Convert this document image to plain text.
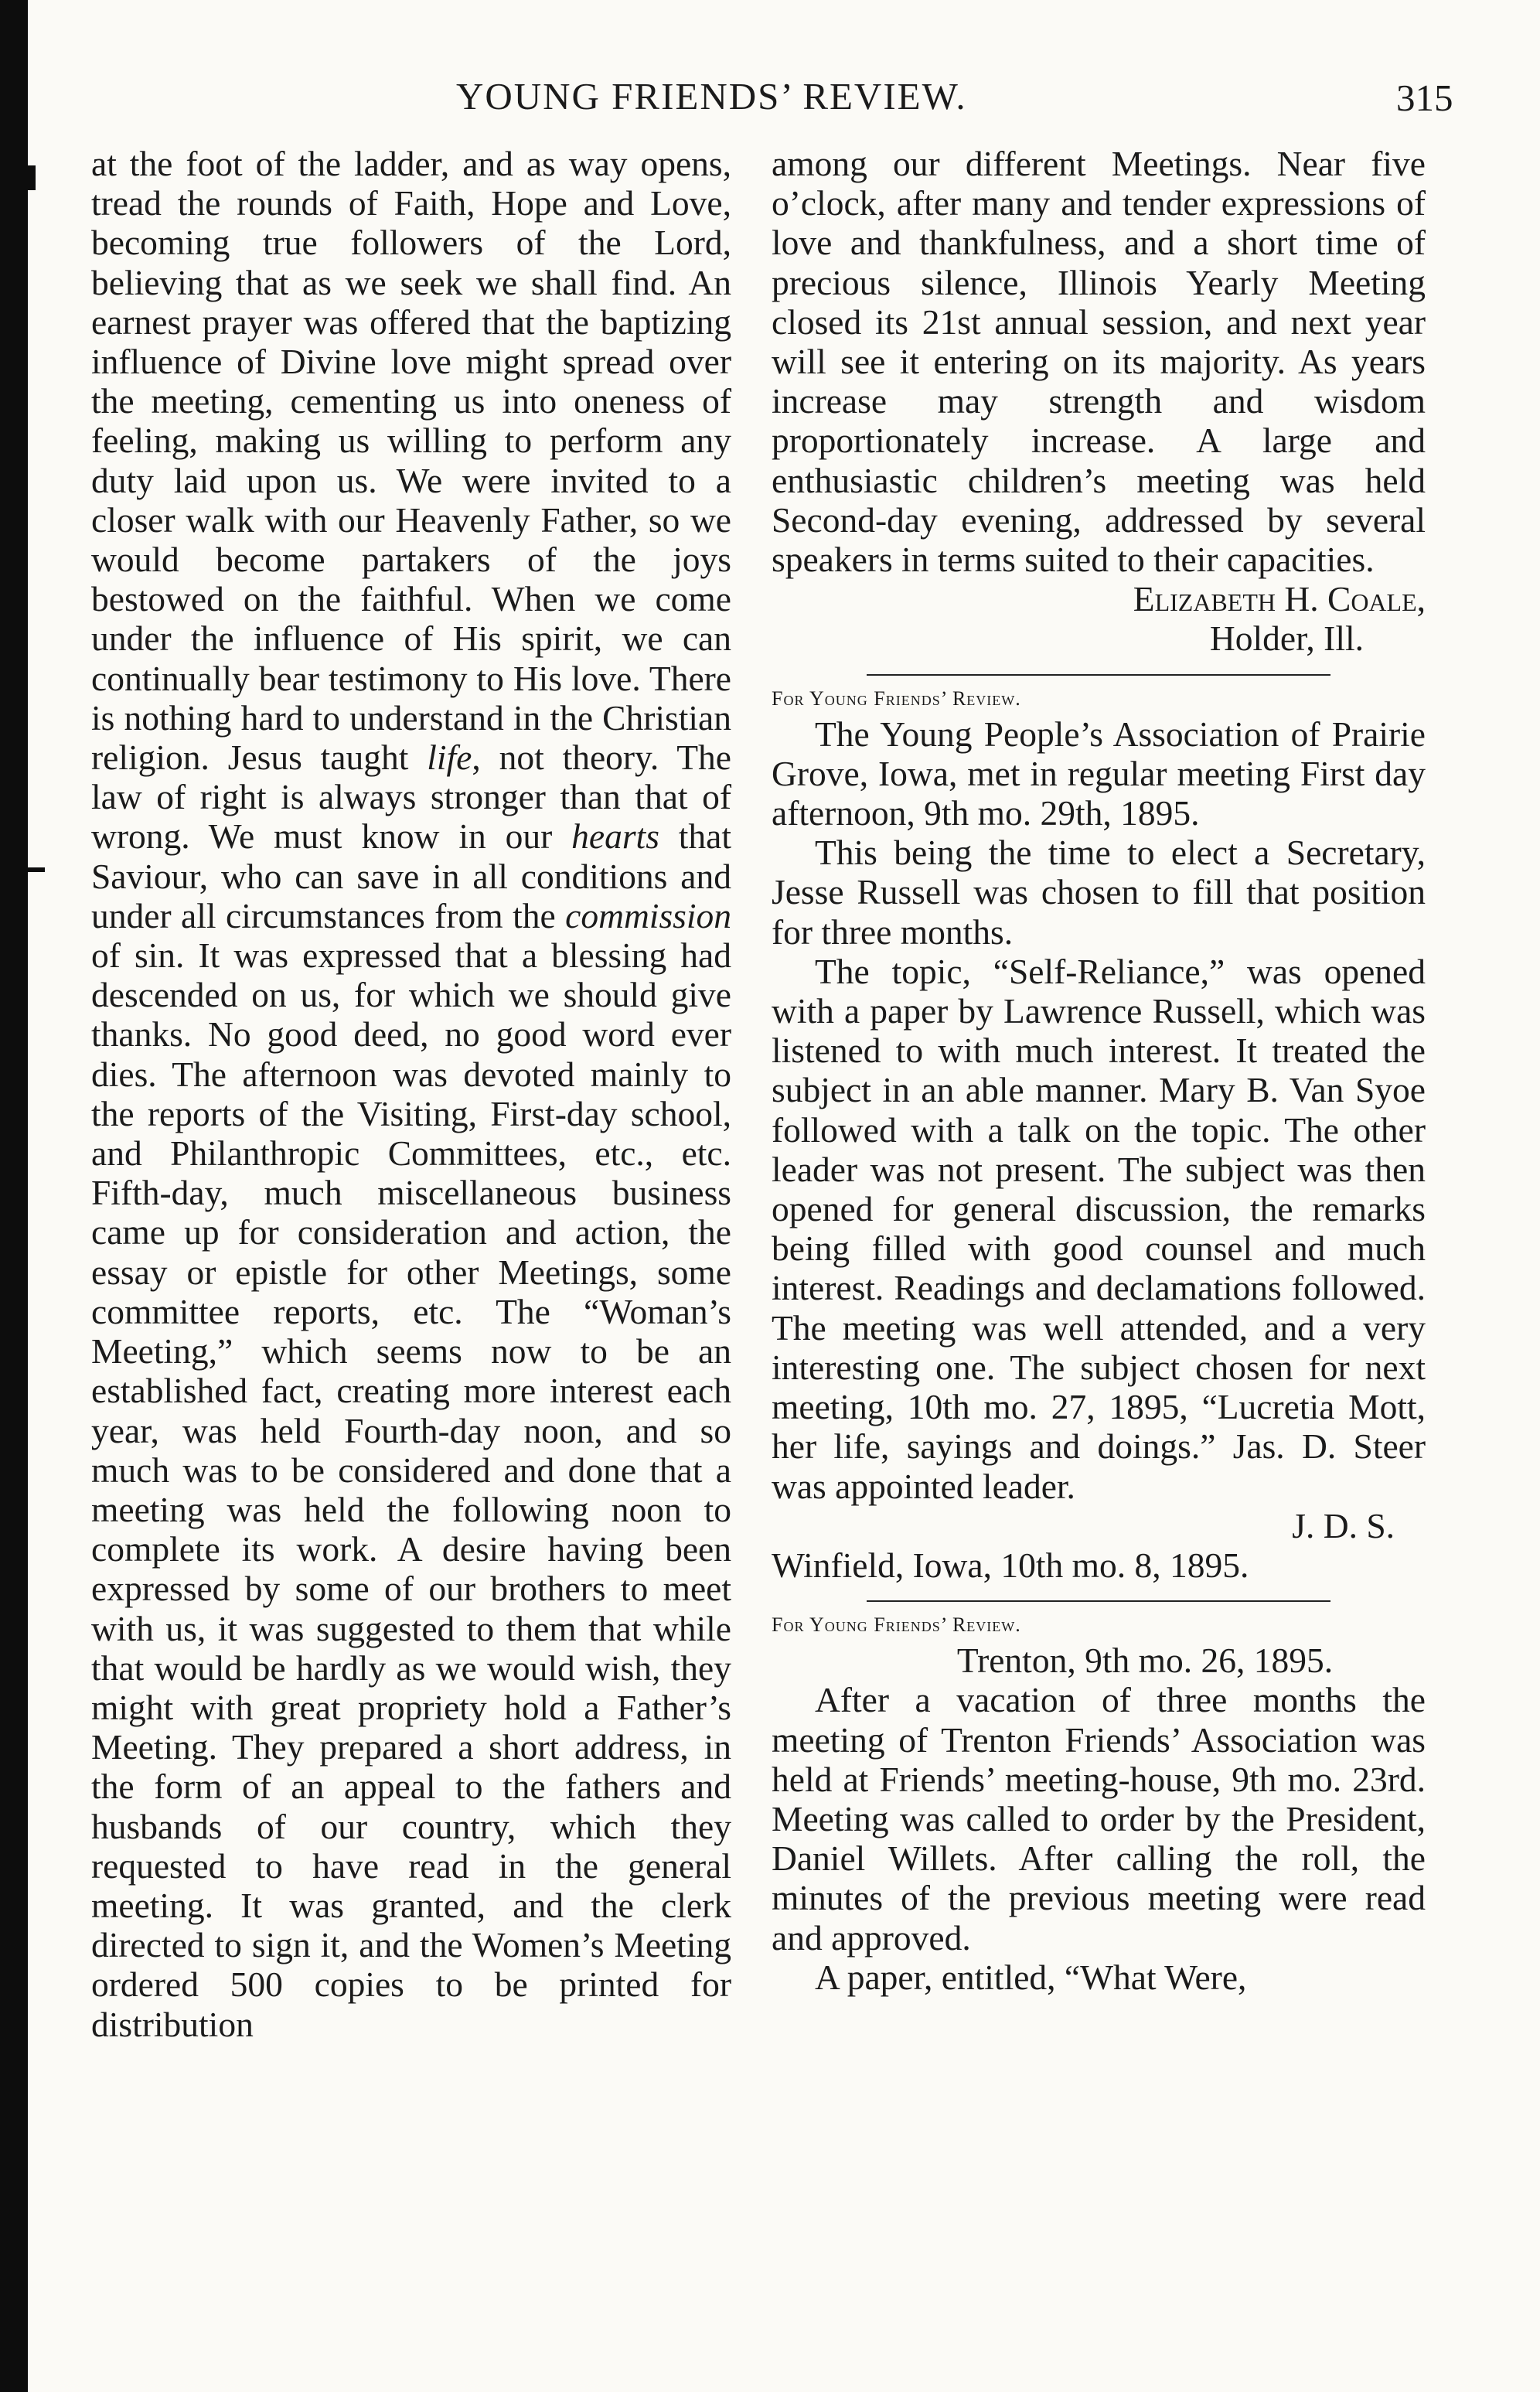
YOUNG FRIENDS’ REVIEW.	315

at the foot of the ladder, and as way opens, tread the rounds of Faith, Hope and Love, becoming true followers of the Lord, believing that as we seek we shall find. An earnest prayer was offered that the baptizing influence of Divine love might spread over the meeting, cementing us into oneness of feeling, making us willing to perform any duty laid upon us. We were invited to a closer walk with our Heavenly Father, so we would become partakers of the joys bestowed on the faithful. When we come under the influence of His spirit, we can continually bear testimony to His love. There is nothing hard to understand in the Christian religion. Jesus taught life, not theory. The law of right is always stronger than that of wrong. We must know in our hearts that Saviour, who can save in all conditions and under all circumstances from the commission of sin. It was expressed that a blessing had descended on us, for which we should give thanks. No good deed, no good word ever dies. The afternoon was devoted mainly to the reports of the Visiting, First-day school, and Philanthropic Committees, etc., etc. Fifth-day, much miscellaneous business came up for consideration and action, the essay or epistle for other Meetings, some committee reports, etc. The “Woman’s Meeting,” which seems now to be an established fact, creating more interest each year, was held Fourth-day noon, and so much was to be considered and done that a meeting was held the following noon to complete its work. A desire having been expressed by some of our brothers to meet with us, it was suggested to them that while that would be hardly as we would wish, they might with great propriety hold a Father’s Meeting. They prepared a short address, in the form of an appeal to the fathers and husbands of our country, which they requested to have read in the general meeting. It was granted, and the clerk directed to sign it, and the Women’s Meeting ordered 500 copies to be printed for distribution

among our different Meetings. Near five o’clock, after many and tender expressions of love and thankfulness, and a short time of precious silence, Illinois Yearly Meeting closed its 21st annual session, and next year will see it entering on its majority. As years increase may strength and wisdom proportionately increase. A large and enthusiastic children’s meeting was held Second-day evening, addressed by several speakers in terms suited to their capacities.

Elizabeth H. Coale,

Holder, Ill.

For Young Friends’ Review.

The Young People’s Association of Prairie Grove, Iowa, met in regular meeting First day afternoon, 9th mo. 29th, 1895.

This being the time to elect a Secretary, Jesse Russell was chosen to fill that position for three months.

The topic, “Self-Reliance,” was opened with a paper by Lawrence Russell, which was listened to with much interest. It treated the subject in an able manner. Mary B. Van Syoe followed with a talk on the topic. The other leader was not present. The subject was then opened for general discussion, the remarks being filled with good counsel and much interest. Readings and declamations followed. The meeting was well attended, and a very interesting one. The subject chosen for next meeting, 10th mo. 27, 1895, “Lucretia Mott, her life, sayings and doings.” Jas. D. Steer was appointed leader.

J. D. S.

Winfield, Iowa, 10th mo. 8, 1895.

For Young Friends’ Review.

Trenton, 9th mo. 26, 1895.

After a vacation of three months the meeting of Trenton Friends’ Association was held at Friends’ meeting-house, 9th mo. 23rd. Meeting was called to order by the President, Daniel Willets. After calling the roll, the minutes of the previous meeting were read and approved.

A paper, entitled, “What Were,
